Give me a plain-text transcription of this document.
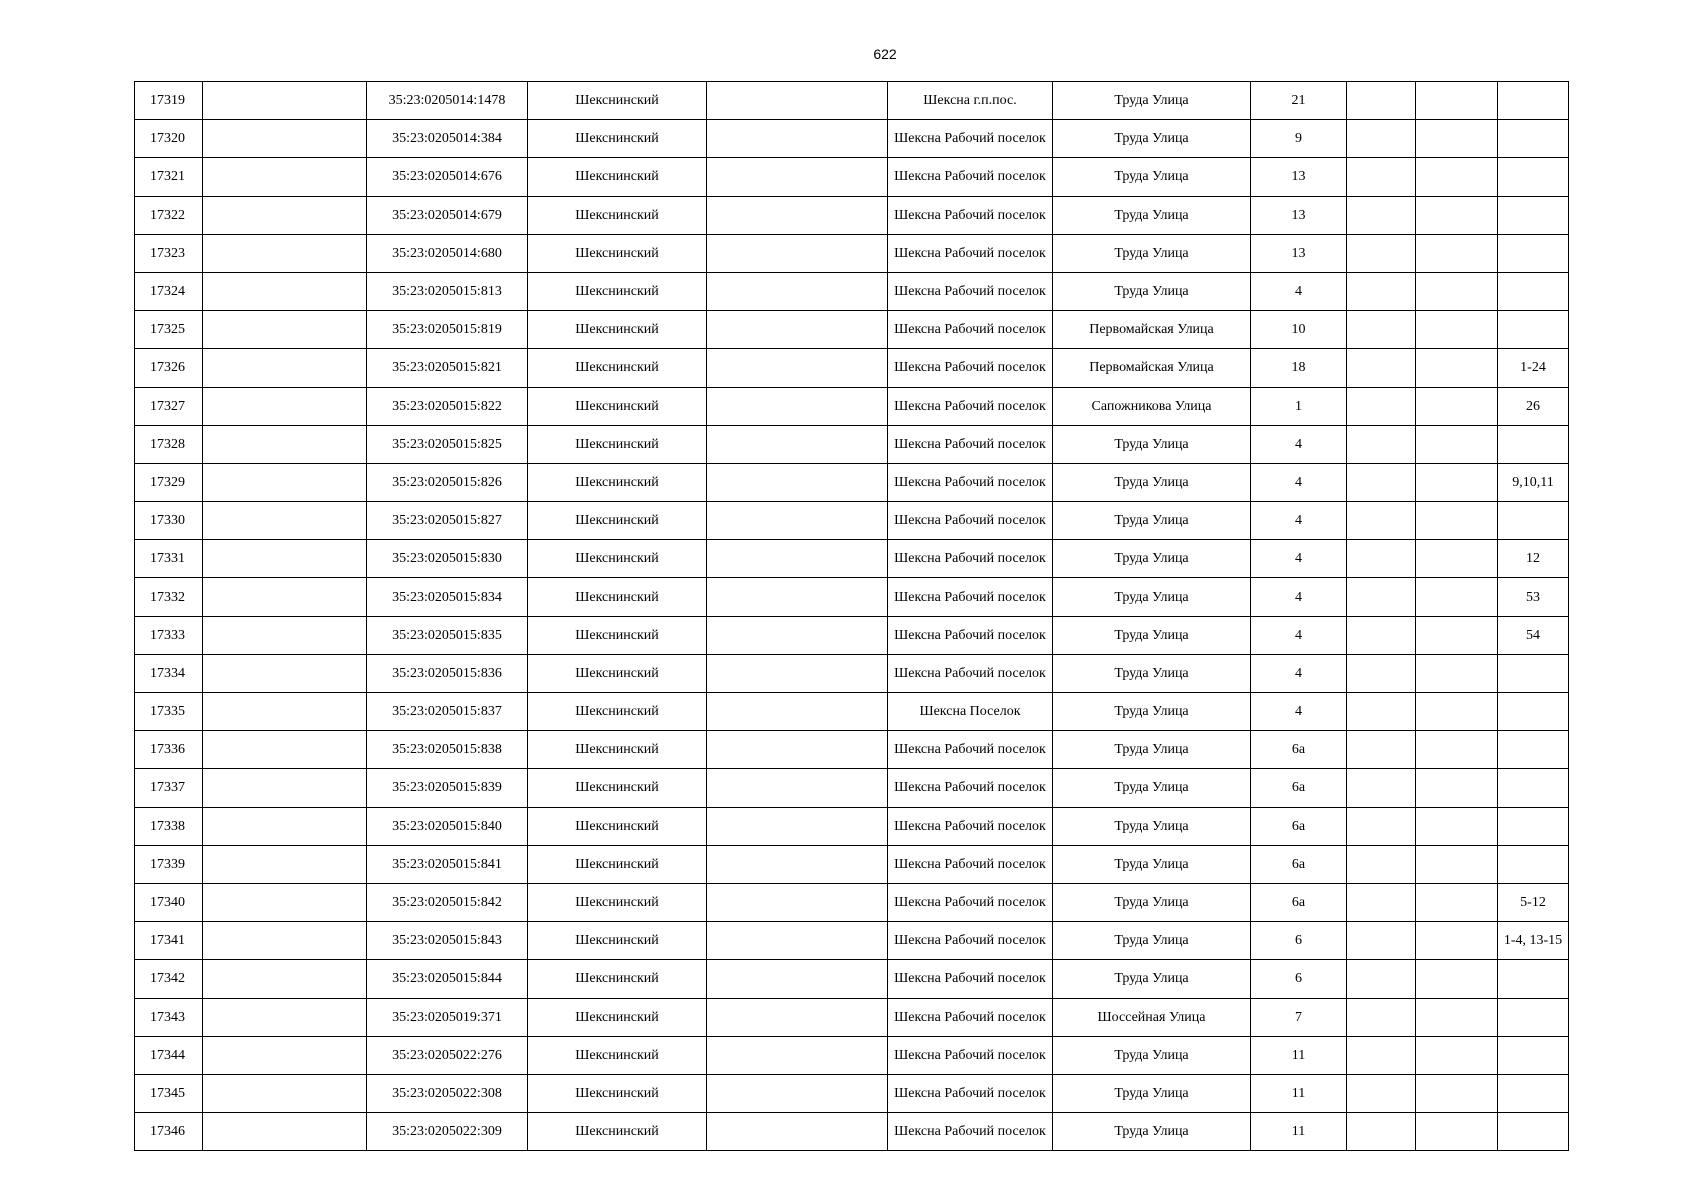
622
17319		35:23:0205014:1478	Шекснинский		Шексна г.п.пос.	Труда Улица	21			
17320		35:23:0205014:384	Шекснинский		Шексна Рабочий поселок	Труда Улица	9			
17321		35:23:0205014:676	Шекснинский		Шексна Рабочий поселок	Труда Улица	13			
17322		35:23:0205014:679	Шекснинский		Шексна Рабочий поселок	Труда Улица	13			
17323		35:23:0205014:680	Шекснинский		Шексна Рабочий поселок	Труда Улица	13			
17324		35:23:0205015:813	Шекснинский		Шексна Рабочий поселок	Труда Улица	4			
17325		35:23:0205015:819	Шекснинский		Шексна Рабочий поселок	Первомайская Улица	10			
17326		35:23:0205015:821	Шекснинский		Шексна Рабочий поселок	Первомайская Улица	18			1-24
17327		35:23:0205015:822	Шекснинский		Шексна Рабочий поселок	Сапожникова Улица	1			26
17328		35:23:0205015:825	Шекснинский		Шексна Рабочий поселок	Труда Улица	4			
17329		35:23:0205015:826	Шекснинский		Шексна Рабочий поселок	Труда Улица	4			9,10,11
17330		35:23:0205015:827	Шекснинский		Шексна Рабочий поселок	Труда Улица	4			
17331		35:23:0205015:830	Шекснинский		Шексна Рабочий поселок	Труда Улица	4			12
17332		35:23:0205015:834	Шекснинский		Шексна Рабочий поселок	Труда Улица	4			53
17333		35:23:0205015:835	Шекснинский		Шексна Рабочий поселок	Труда Улица	4			54
17334		35:23:0205015:836	Шекснинский		Шексна Рабочий поселок	Труда Улица	4			
17335		35:23:0205015:837	Шекснинский		Шексна Поселок	Труда Улица	4			
17336		35:23:0205015:838	Шекснинский		Шексна Рабочий поселок	Труда Улица	6а			
17337		35:23:0205015:839	Шекснинский		Шексна Рабочий поселок	Труда Улица	6а			
17338		35:23:0205015:840	Шекснинский		Шексна Рабочий поселок	Труда Улица	6а			
17339		35:23:0205015:841	Шекснинский		Шексна Рабочий поселок	Труда Улица	6а			
17340		35:23:0205015:842	Шекснинский		Шексна Рабочий поселок	Труда Улица	6а			5-12
17341		35:23:0205015:843	Шекснинский		Шексна Рабочий поселок	Труда Улица	6			1-4, 13-15
17342		35:23:0205015:844	Шекснинский		Шексна Рабочий поселок	Труда Улица	6			
17343		35:23:0205019:371	Шекснинский		Шексна Рабочий поселок	Шоссейная Улица	7			
17344		35:23:0205022:276	Шекснинский		Шексна Рабочий поселок	Труда Улица	11			
17345		35:23:0205022:308	Шекснинский		Шексна Рабочий поселок	Труда Улица	11			
17346		35:23:0205022:309	Шекснинский		Шексна Рабочий поселок	Труда Улица	11			
